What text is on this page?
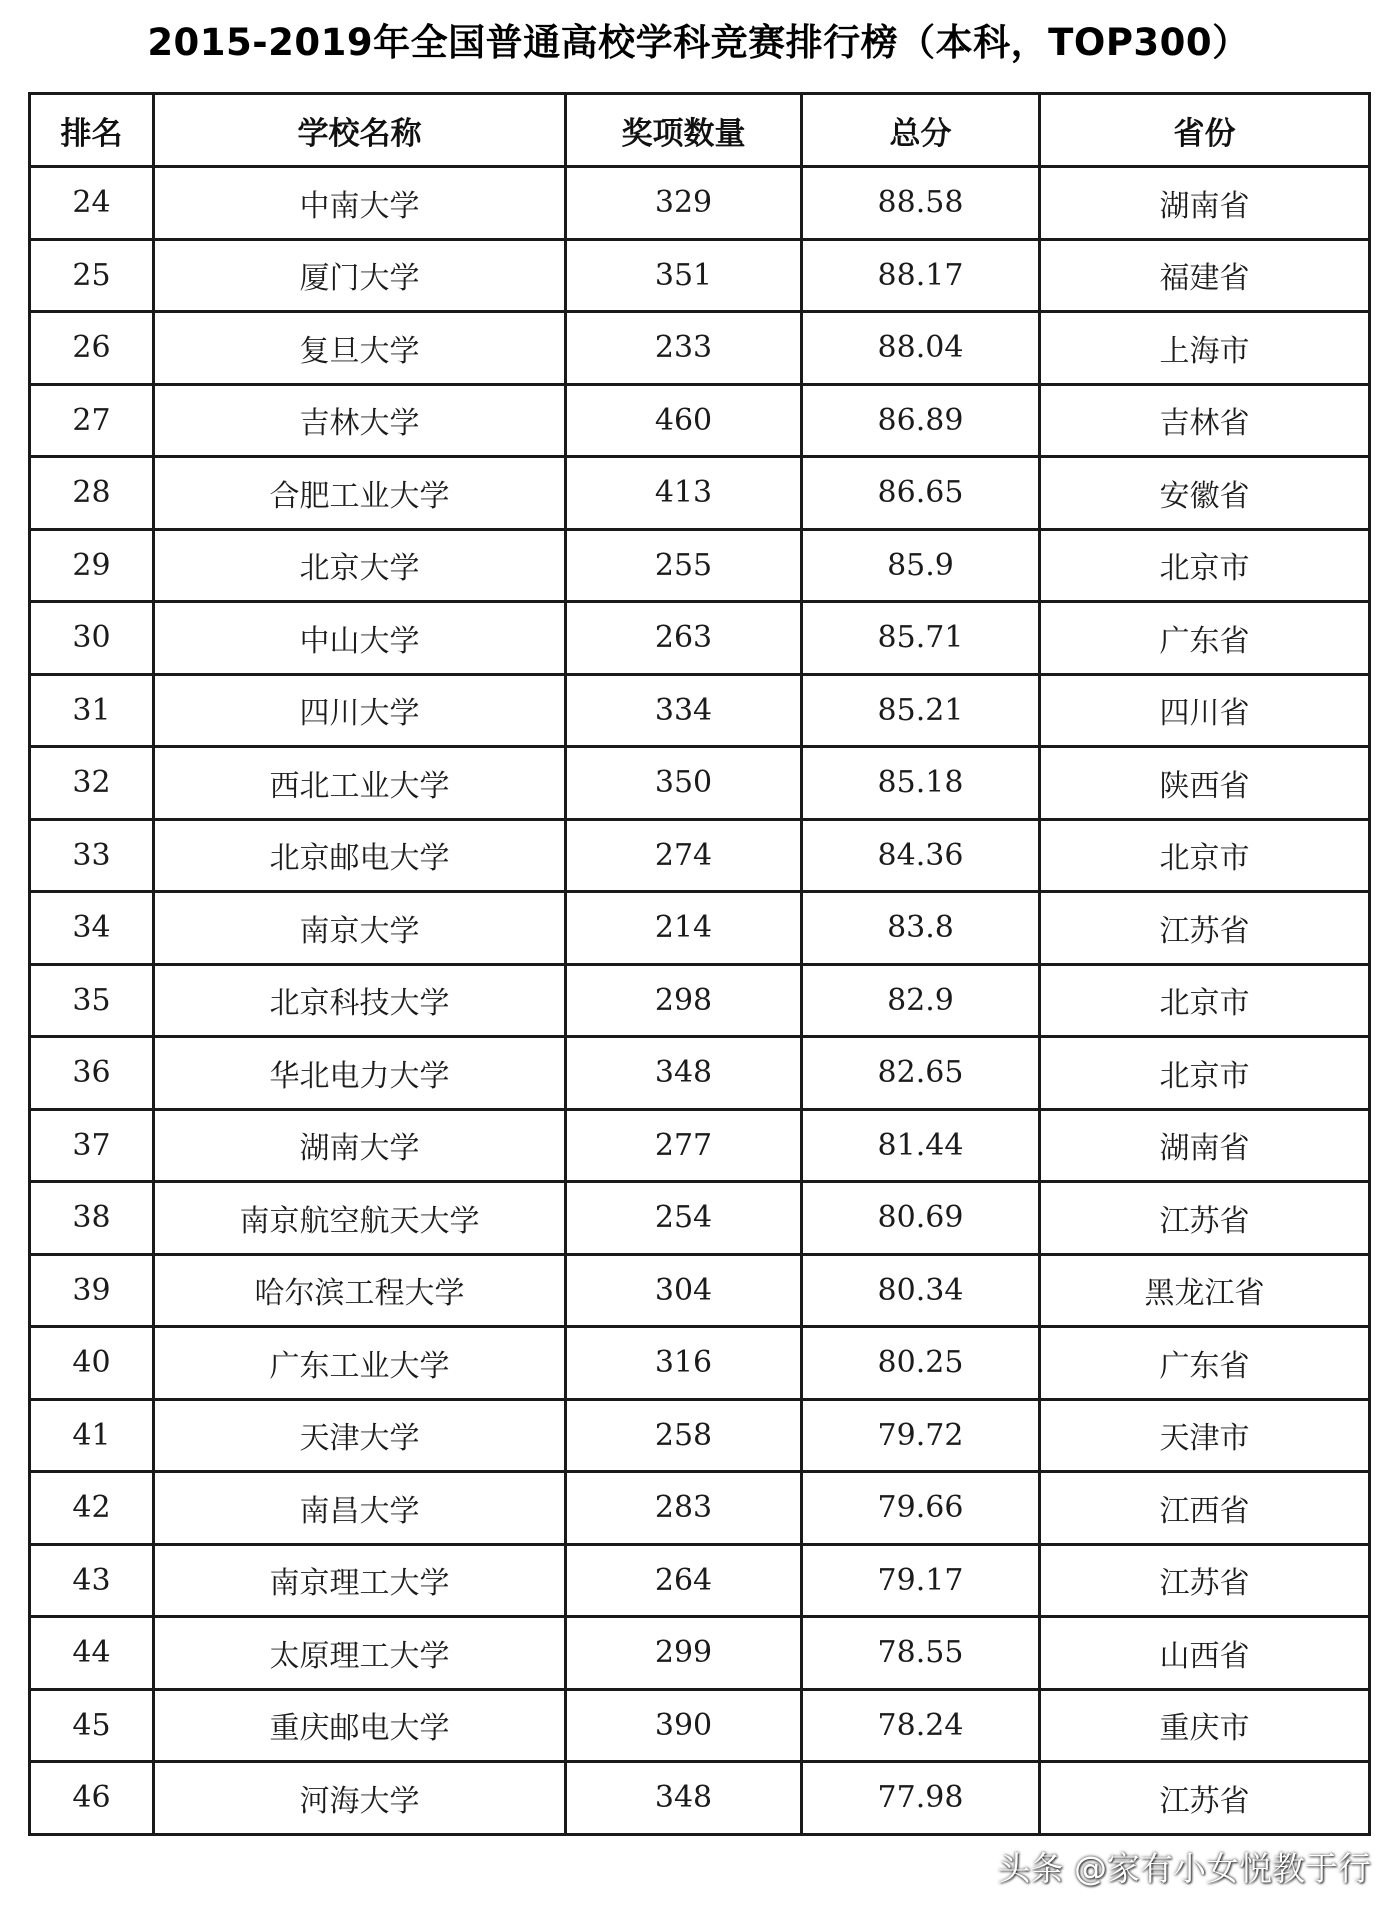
2015-2019年全国普通高校学科竞赛排行榜（本科，TOP300）
排名	学校名称	奖项数量	总分	省份
24	中南大学	329	88.58	湖南省
25	厦门大学	351	88.17	福建省
26	复旦大学	233	88.04	上海市
27	吉林大学	460	86.89	吉林省
28	合肥工业大学	413	86.65	安徽省
29	北京大学	255	85.9	北京市
30	中山大学	263	85.71	广东省
31	四川大学	334	85.21	四川省
32	西北工业大学	350	85.18	陕西省
33	北京邮电大学	274	84.36	北京市
34	南京大学	214	83.8	江苏省
35	北京科技大学	298	82.9	北京市
36	华北电力大学	348	82.65	北京市
37	湖南大学	277	81.44	湖南省
38	南京航空航天大学	254	80.69	江苏省
39	哈尔滨工程大学	304	80.34	黑龙江省
40	广东工业大学	316	80.25	广东省
41	天津大学	258	79.72	天津市
42	南昌大学	283	79.66	江西省
43	南京理工大学	264	79.17	江苏省
44	太原理工大学	299	78.55	山西省
45	重庆邮电大学	390	78.24	重庆市
46	河海大学	348	77.98	江苏省
头条 @家有小女悦教于行
